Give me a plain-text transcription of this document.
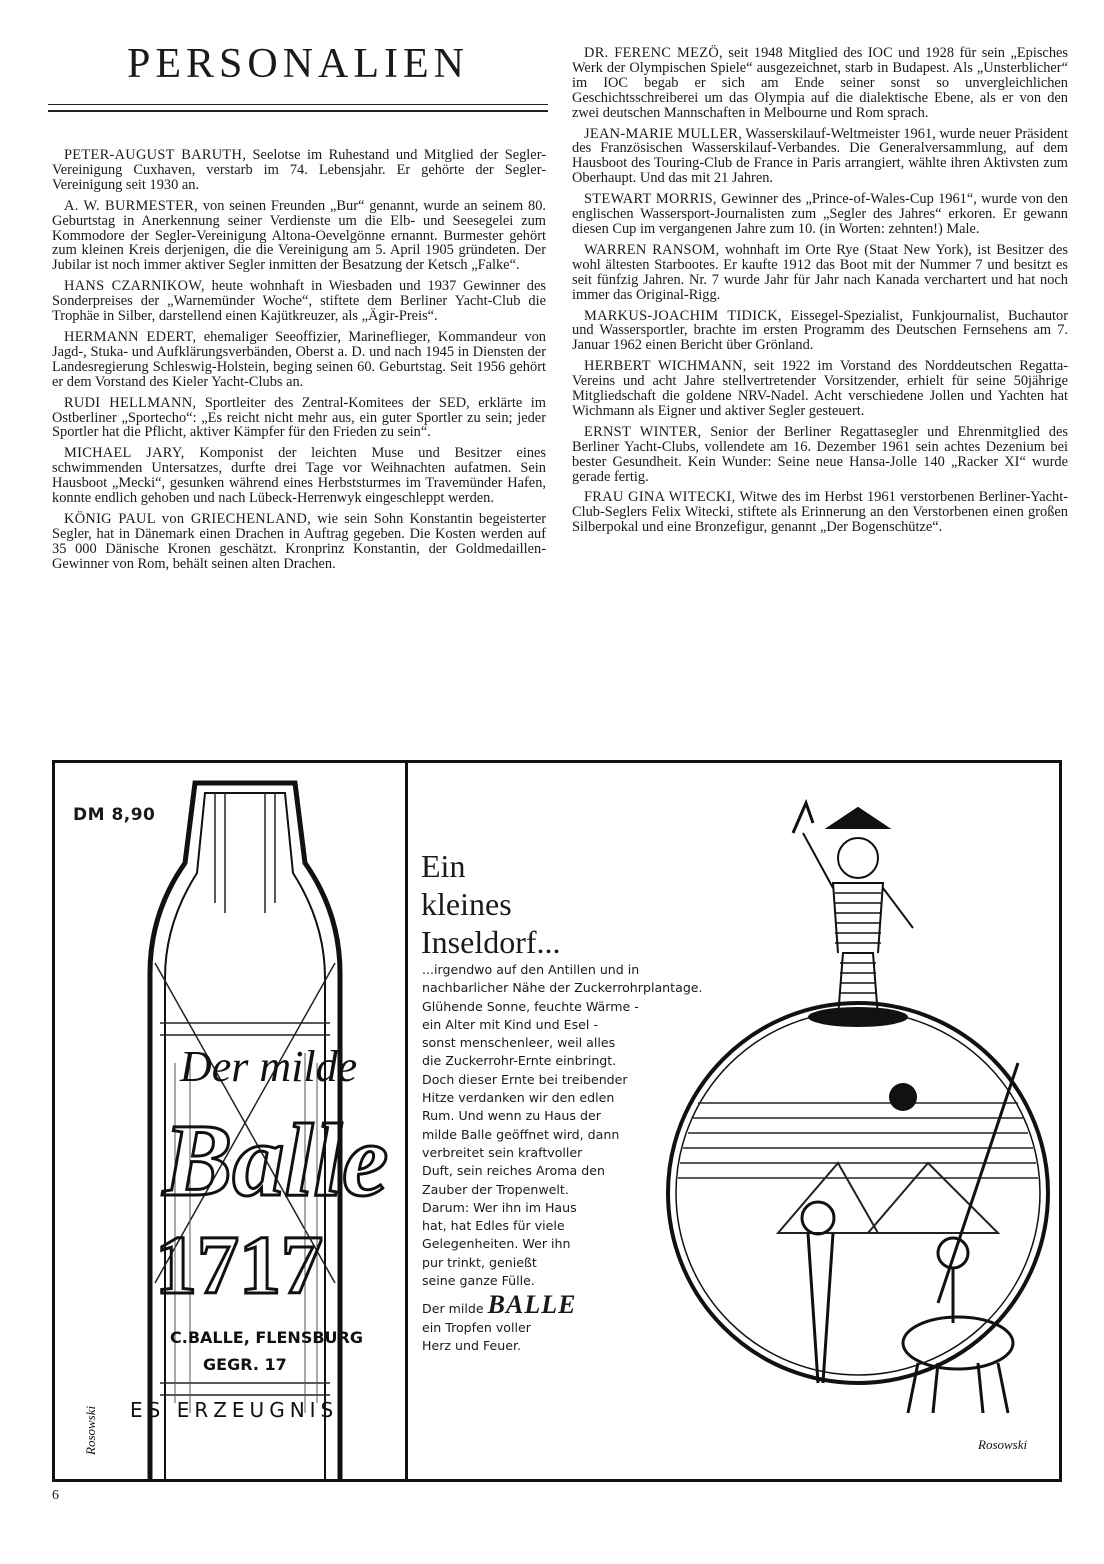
PERSONALIEN

PETER-AUGUST BARUTH, Seelotse im Ruhestand und Mitglied der Segler-Vereinigung Cuxhaven, verstarb im 74. Lebensjahr. Er gehörte der Segler-Vereinigung seit 1930 an.

A. W. BURMESTER, von seinen Freunden „Bur“ genannt, wurde an seinem 80. Geburtstag in Anerkennung seiner Verdienste um die Elb- und Seesegelei zum Kommodore der Segler-Vereinigung Altona-Oevelgönne ernannt. Burmester gehört zum kleinen Kreis derjenigen, die die Vereinigung am 5. April 1905 gründeten. Der Jubilar ist noch immer aktiver Segler inmitten der Besatzung der Ketsch „Falke“.

HANS CZARNIKOW, heute wohnhaft in Wiesbaden und 1937 Gewinner des Sonderpreises der „Warnemünder Woche“, stiftete dem Berliner Yacht-Club die Trophäe in Silber, darstellend einen Kajütkreuzer, als „Ägir-Preis“.

HERMANN EDERT, ehemaliger Seeoffizier, Marineflieger, Kommandeur von Jagd-, Stuka- und Aufklärungsverbänden, Oberst a. D. und nach 1945 in Diensten der Landesregierung Schleswig-Holstein, beging seinen 60. Geburtstag. Seit 1956 gehört er dem Vorstand des Kieler Yacht-Clubs an.

RUDI HELLMANN, Sportleiter des Zentral-Komitees der SED, erklärte im Ostberliner „Sportecho“: „Es reicht nicht mehr aus, ein guter Sportler zu sein; jeder Sportler hat die Pflicht, aktiver Kämpfer für den Frieden zu sein“.

MICHAEL JARY, Komponist der leichten Muse und Besitzer eines schwimmenden Untersatzes, durfte drei Tage vor Weihnachten aufatmen. Sein Hausboot „Mecki“, gesunken während eines Herbststurmes im Travemünder Hafen, konnte endlich gehoben und nach Lübeck-Herrenwyk eingeschleppt werden.

KÖNIG PAUL von GRIECHENLAND, wie sein Sohn Konstantin begeisterter Segler, hat in Dänemark einen Drachen in Auftrag gegeben. Die Kosten werden auf 35 000 Dänische Kronen geschätzt. Kronprinz Konstantin, der Goldmedaillen-Gewinner von Rom, behält seinen alten Drachen.

DR. FERENC MEZÖ, seit 1948 Mitglied des IOC und 1928 für sein „Episches Werk der Olympischen Spiele“ ausgezeichnet, starb in Budapest. Als „Unsterblicher“ im IOC begab er sich am Ende seiner sonst so unvergleichlichen Geschichtsschreiberei um das Olympia auf die dialektische Ebene, als er von den zwei deutschen Mannschaften in Melbourne und Rom sprach.

JEAN-MARIE MULLER, Wasserskilauf-Weltmeister 1961, wurde neuer Präsident des Französischen Wasserskilauf-Verbandes. Die Generalversammlung, auf dem Hausboot des Touring-Club de France in Paris arrangiert, wählte ihren Aktivsten zum Oberhaupt. Und das mit 21 Jahren.

STEWART MORRIS, Gewinner des „Prince-of-Wales-Cup 1961“, wurde von den englischen Wassersport-Journalisten zum „Segler des Jahres“ erkoren. Er gewann diesen Cup im vergangenen Jahre zum 10. (in Worten: zehnten!) Male.

WARREN RANSOM, wohnhaft im Orte Rye (Staat New York), ist Besitzer des wohl ältesten Starbootes. Er kaufte 1912 das Boot mit der Nummer 7 und besitzt es seit fünfzig Jahren. Nr. 7 wurde Jahr für Jahr nach Kanada verchartert und hat noch immer das Original-Rigg.

MARKUS-JOACHIM TIDICK, Eissegel-Spezialist, Funkjournalist, Buchautor und Wassersportler, brachte im ersten Programm des Deutschen Fernsehens am 7. Januar 1962 einen Bericht über Grönland.

HERBERT WICHMANN, seit 1922 im Vorstand des Norddeutschen Regatta-Vereins und acht Jahre stellvertretender Vorsitzender, erhielt für seine 50jährige Mitgliedschaft die goldene NRV-Nadel. Acht verschiedene Jollen und Yachten hat Wichmann als Eigner und aktiver Segler gesteuert.

ERNST WINTER, Senior der Berliner Regattasegler und Ehrenmitglied des Berliner Yacht-Clubs, vollendete am 16. Dezember 1961 sein achtes Dezenium bei bester Gesundheit. Kein Wunder: Seine neue Hansa-Jolle 140 „Racker XI“ wurde gerade fertig.

FRAU GINA WITECKI, Witwe des im Herbst 1961 verstorbenen Berliner-Yacht-Club-Seglers Felix Witecki, stiftete als Erinnerung an den Verstorbenen einen großen Silberpokal und eine Bronzefigur, genannt „Der Bogenschütze“.

Der milde
Balle
1717
C.BALLE, FLENSBURG
GEGR. 17
ES ERZEUGNIS
Rosowski
DM 8,90
Rosowski
Ein
kleines
Inseldorf...
...irgendwo auf den Antillen und in
nachbarlicher Nähe der Zuckerrohrplantage.
Glühende Sonne, feuchte Wärme -
ein Alter mit Kind und Esel -
sonst menschenleer, weil alles
die Zuckerrohr-Ernte einbringt.
Doch dieser Ernte bei treibender
Hitze verdanken wir den edlen
Rum. Und wenn zu Haus der
milde Balle geöffnet wird, dann
verbreitet sein kraftvoller
Duft, sein reiches Aroma den
Zauber der Tropenwelt.
Darum: Wer ihn im Haus
hat, hat Edles für viele
Gelegenheiten. Wer ihn
pur trinkt, genießt
seine ganze Fülle.
Der milde BALLE
ein Tropfen voller
Herz und Feuer.
6
